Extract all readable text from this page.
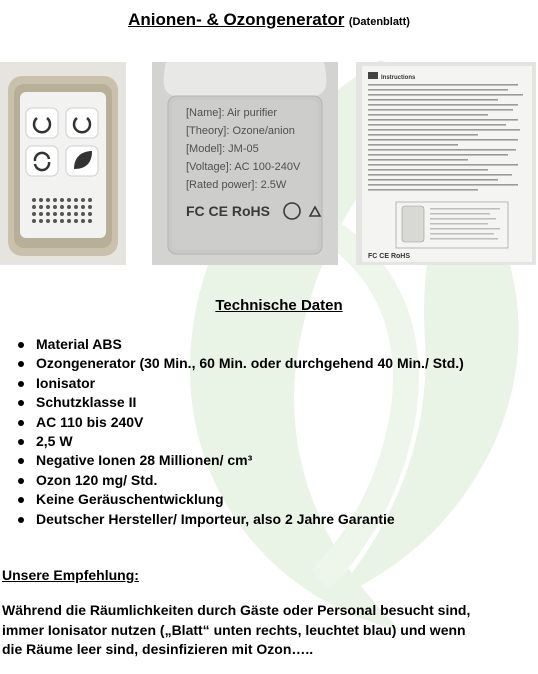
Anionen- & Ozongenerator (Datenblatt)
[Name]: Air purifier
[Theory]: Ozone/anion
[Model]: JM-05
[Voltage]: AC 100-240V
[Rated power]: 2.5W
FC CE RoHS
Instructions
FC CE RoHS
Technische Daten
Material ABS
Ozongenerator (30 Min., 60 Min. oder durchgehend 40 Min./ Std.)
Ionisator
Schutzklasse II
AC 110 bis 240V
2,5 W
Negative Ionen 28 Millionen/ cm³
Ozon 120 mg/ Std.
Keine Geräuschentwicklung
Deutscher Hersteller/ Importeur, also 2 Jahre Garantie
Unsere Empfehlung:
Während die Räumlichkeiten durch Gäste oder Personal besucht sind,
immer Ionisator nutzen („Blatt“ unten rechts, leuchtet blau) und wenn
die Räume leer sind, desinfizieren mit Ozon…..
